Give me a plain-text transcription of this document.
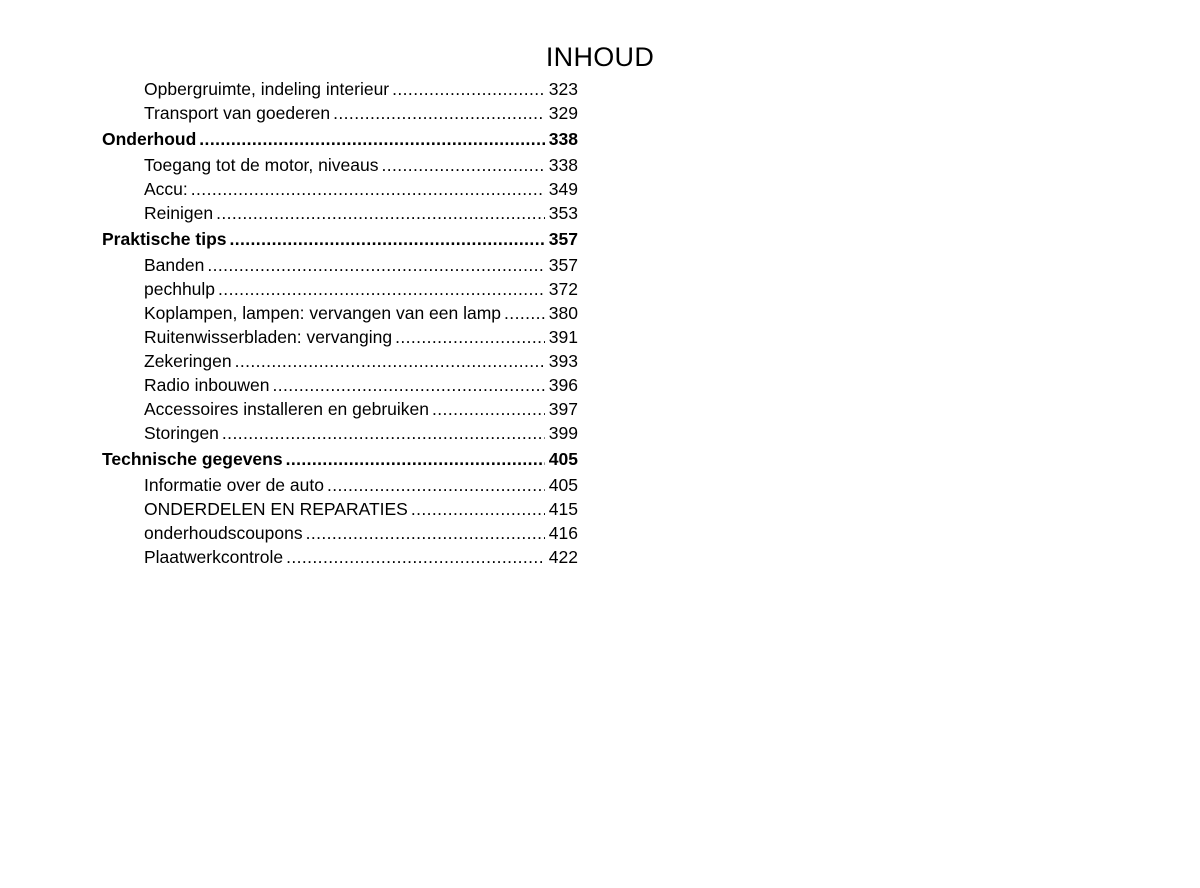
INHOUD
Opbergruimte, indeling interieur .....	323
Transport van goederen .....	329
Onderhoud .....	338
Toegang tot de motor, niveaus .....	338
Accu: .....	349
Reinigen .....	353
Praktische tips .....	357
Banden .....	357
pechhulp .....	372
Koplampen, lampen: vervangen van een lamp .....	380
Ruitenwisserbladen: vervanging .....	391
Zekeringen .....	393
Radio inbouwen .....	396
Accessoires installeren en gebruiken .....	397
Storingen .....	399
Technische gegevens .....	405
Informatie over de auto .....	405
ONDERDELEN EN REPARATIES .....	415
onderhoudscoupons .....	416
Plaatwerkcontrole .....	422
